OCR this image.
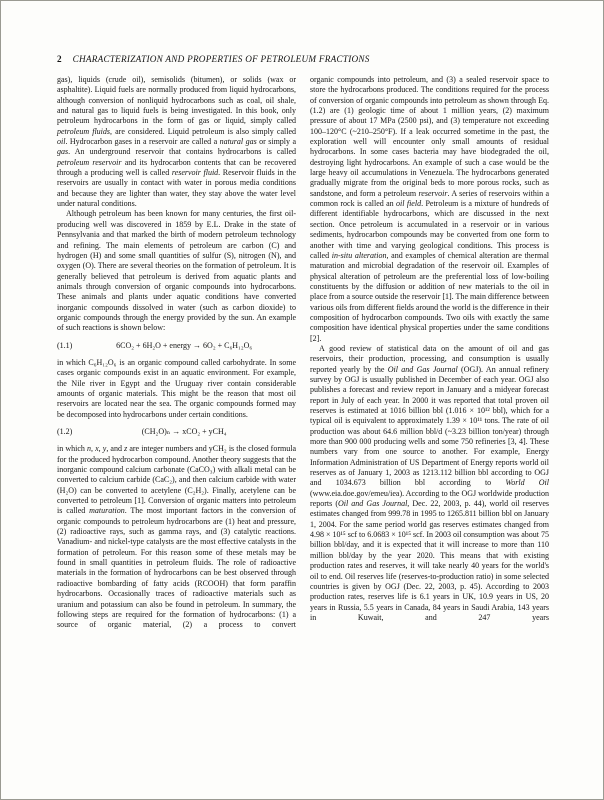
2 CHARACTERIZATION AND PROPERTIES OF PETROLEUM FRACTIONS

gas), liquids (crude oil), semisolids (bitumen), or solids (wax or asphaltite). Liquid fuels are normally produced from liquid hydrocarbons, although conversion of nonliquid hydrocarbons such as coal, oil shale, and natural gas to liquid fuels is being investigated. In this book, only petroleum hydrocarbons in the form of gas or liquid, simply called petroleum fluids, are considered. Liquid petroleum is also simply called oil. Hydrocarbon gases in a reservoir are called a natural gas or simply a gas. An underground reservoir that contains hydrocarbons is called petroleum reservoir and its hydrocarbon contents that can be recovered through a producing well is called reservoir fluid. Reservoir fluids in the reservoirs are usually in contact with water in porous media conditions and because they are lighter than water, they stay above the water level under natural conditions.

Although petroleum has been known for many centuries, the first oil-producing well was discovered in 1859 by E.L. Drake in the state of Pennsylvania and that marked the birth of modern petroleum technology and refining. The main elements of petroleum are carbon (C) and hydrogen (H) and some small quantities of sulfur (S), nitrogen (N), and oxygen (O). There are several theories on the formation of petroleum. It is generally believed that petroleum is derived from aquatic plants and animals through conversion of organic compounds into hydrocarbons. These animals and plants under aquatic conditions have converted inorganic compounds dissolved in water (such as carbon dioxide) to organic compounds through the energy provided by the sun. An example of such reactions is shown below:

(1.1)	6CO₂ + 6H₂O + energy → 6O₂ + C₆H₁₂O₆

in which C₆H₁₂O₆ is an organic compound called carbohydrate. In some cases organic compounds exist in an aquatic environment. For example, the Nile river in Egypt and the Uruguay river contain considerable amounts of organic materials. This might be the reason that most oil reservoirs are located near the sea. The organic compounds formed may be decomposed into hydrocarbons under certain conditions.

(1.2)	(CH₂O)ₙ → xCO₂ + yCH₄

in which n, x, y, and z are integer numbers and yCH₂ is the closed formula for the produced hydrocarbon compound. Another theory suggests that the inorganic compound calcium carbonate (CaCO₃) with alkali metal can be converted to calcium carbide (CaC₂), and then calcium carbide with water (H₂O) can be converted to acetylene (C₂H₂). Finally, acetylene can be converted to petroleum [1]. Conversion of organic matters into petroleum is called maturation. The most important factors in the conversion of organic compounds to petroleum hydrocarbons are (1) heat and pressure, (2) radioactive rays, such as gamma rays, and (3) catalytic reactions. Vanadium- and nickel-type catalysts are the most effective catalysts in the formation of petroleum. For this reason some of these metals may be found in small quantities in petroleum fluids. The role of radioactive materials in the formation of hydrocarbons can be best observed through radioactive bombarding of fatty acids (RCOOH) that form paraffin hydrocarbons. Occasionally traces of radioactive materials such as uranium and potassium can also be found in petroleum. In summary, the following steps are required for the formation of hydrocarbons: (1) a source of organic material, (2) a process to convert

organic compounds into petroleum, and (3) a sealed reservoir space to store the hydrocarbons produced. The conditions required for the process of conversion of organic compounds into petroleum as shown through Eq. (1.2) are (1) geologic time of about 1 million years, (2) maximum pressure of about 17 MPa (2500 psi), and (3) temperature not exceeding 100–120°C (~210–250°F). If a leak occurred sometime in the past, the exploration well will encounter only small amounts of residual hydrocarbons. In some cases bacteria may have biodegraded the oil, destroying light hydrocarbons. An example of such a case would be the large heavy oil accumulations in Venezuela. The hydrocarbons generated gradually migrate from the original beds to more porous rocks, such as sandstone, and form a petroleum reservoir. A series of reservoirs within a common rock is called an oil field. Petroleum is a mixture of hundreds of different identifiable hydrocarbons, which are discussed in the next section. Once petroleum is accumulated in a reservoir or in various sediments, hydrocarbon compounds may be converted from one form to another with time and varying geological conditions. This process is called in-situ alteration, and examples of chemical alteration are thermal maturation and microbial degradation of the reservoir oil. Examples of physical alteration of petroleum are the preferential loss of low-boiling constituents by the diffusion or addition of new materials to the oil in place from a source outside the reservoir [1]. The main difference between various oils from different fields around the world is the difference in their composition of hydrocarbon compounds. Two oils with exactly the same composition have identical physical properties under the same conditions [2].

A good review of statistical data on the amount of oil and gas reservoirs, their production, processing, and consumption is usually reported yearly by the Oil and Gas Journal (OGJ). An annual refinery survey by OGJ is usually published in December of each year. OGJ also publishes a forecast and review report in January and a midyear forecast report in July of each year. In 2000 it was reported that total proven oil reserves is estimated at 1016 billion bbl (1.016 × 10¹² bbl), which for a typical oil is equivalent to approximately 1.39 × 10¹¹ tons. The rate of oil production was about 64.6 million bbl/d (~3.23 billion ton/year) through more than 900 000 producing wells and some 750 refineries [3, 4]. These numbers vary from one source to another. For example, Energy Information Administration of US Department of Energy reports world oil reserves as of January 1, 2003 as 1213.112 billion bbl according to OGJ and 1034.673 billion bbl according to World Oil (www.eia.doe.gov/emeu/iea). According to the OGJ worldwide production reports (Oil and Gas Journal, Dec. 22, 2003, p. 44), world oil reserves estimates changed from 999.78 in 1995 to 1265.811 billion bbl on January 1, 2004. For the same period world gas reserves estimates changed from 4.98 × 10¹⁵ scf to 6.0683 × 10¹⁵ scf. In 2003 oil consumption was about 75 billion bbl/day, and it is expected that it will increase to more than 110 million bbl/day by the year 2020. This means that with existing production rates and reserves, it will take nearly 40 years for the world's oil to end. Oil reserves life (reserves-to-production ratio) in some selected countries is given by OGJ (Dec. 22, 2003, p. 45). According to 2003 production rates, reserves life is 6.1 years in UK, 10.9 years in US, 20 years in Russia, 5.5 years in Canada, 84 years in Saudi Arabia, 143 years in Kuwait, and 247 years
